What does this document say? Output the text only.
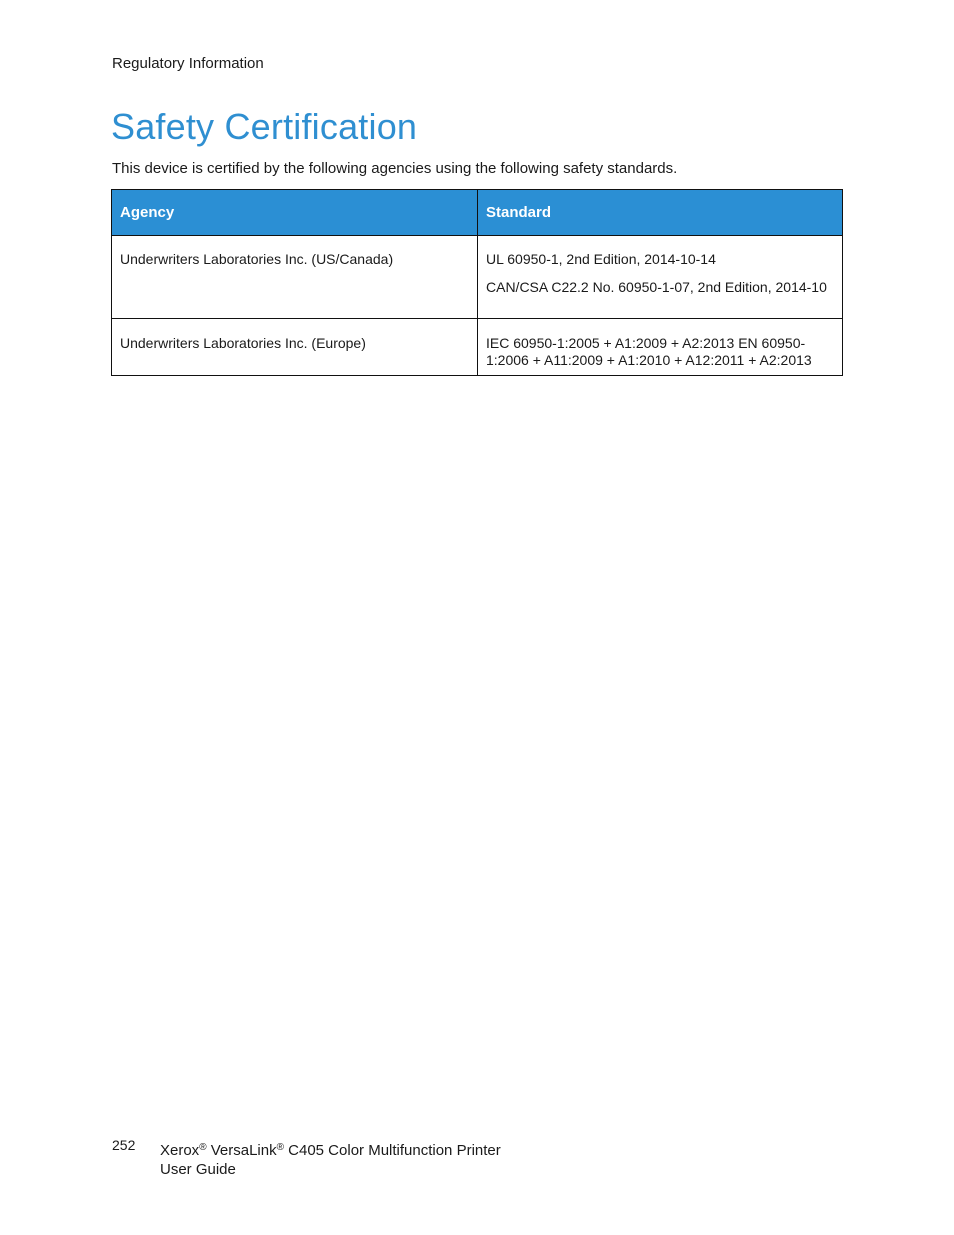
Regulatory Information
Safety Certification

This device is certified by the following agencies using the following safety standards.

Agency	Standard
Underwriters Laboratories Inc. (US/Canada)	UL 60950-1, 2nd Edition, 2014-10-14

CAN/CSA C22.2 No. 60950-1-07, 2nd Edition, 2014-10

Underwriters Laboratories Inc. (Europe)	IEC 60950-1:2005 + A1:2009 + A2:2013 EN 60950-1:2006 + A11:2009 + A1:2010 + A12:2011 + A2:2013

252 Xerox® VersaLink® C405 Color Multifunction Printer
User Guide
